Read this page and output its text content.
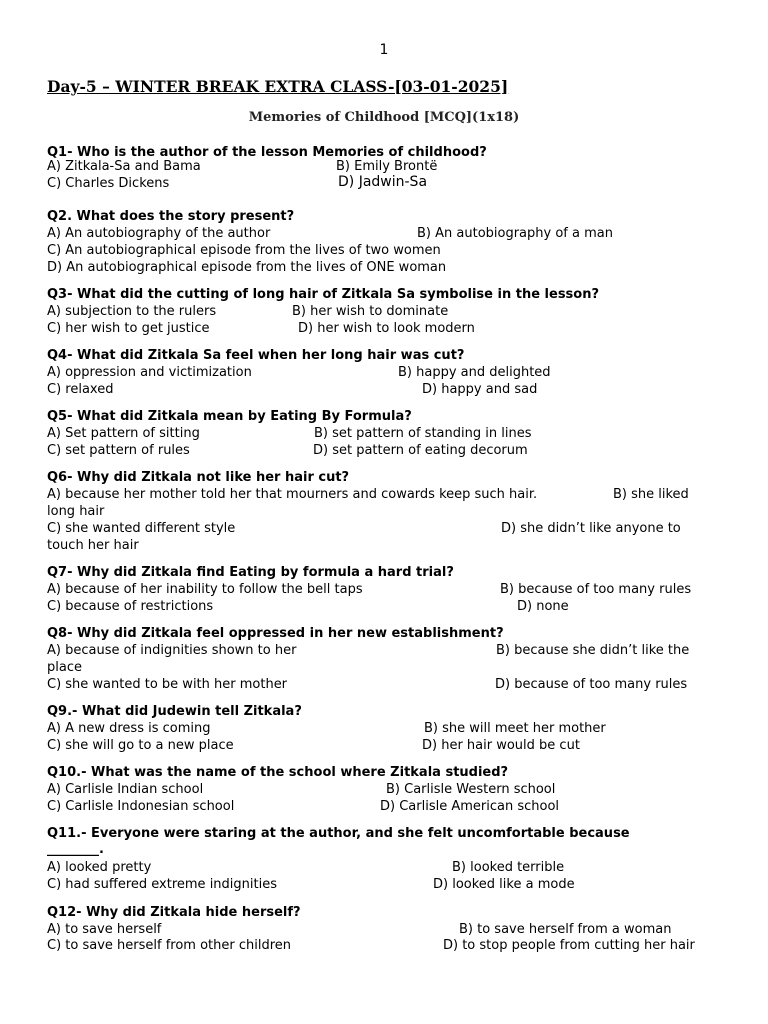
1
Day-5 – WINTER BREAK EXTRA CLASS-[03-01-2025]
Memories of Childhood [MCQ](1x18)
Q1- Who is the author of the lesson Memories of childhood?
A) Zitkala-Sa and Bama	B) Emily Brontë
C) Charles Dickens	D) Jadwin-Sa
Q2. What does the story present?
A) An autobiography of the author	B) An autobiography of a man
C) An autobiographical episode from the lives of two women
D) An autobiographical episode from the lives of ONE woman
Q3- What did the cutting of long hair of Zitkala Sa symbolise in the lesson?
A) subjection to the rulers	B) her wish to dominate
C) her wish to get justice	D) her wish to look modern
Q4- What did Zitkala Sa feel when her long hair was cut?
A) oppression and victimization	B) happy and delighted
C) relaxed	D) happy and sad
Q5- What did Zitkala mean by Eating By Formula?
A) Set pattern of sitting	B) set pattern of standing in lines
C) set pattern of rules	D) set pattern of eating decorum
Q6- Why did Zitkala not like her hair cut?
A) because her mother told her that mourners and cowards keep such hair.	B) she liked
long hair
C) she wanted different style	D) she didn’t like anyone to
touch her hair
Q7- Why did Zitkala find Eating by formula a hard trial?
A) because of her inability to follow the bell taps	B) because of too many rules
C) because of restrictions	D) none
Q8- Why did Zitkala feel oppressed in her new establishment?
A) because of indignities shown to her	B) because she didn’t like the
place
C) she wanted to be with her mother	D) because of too many rules
Q9.- What did Judewin tell Zitkala?
A) A new dress is coming	B) she will meet her mother
C) she will go to a new place	D) her hair would be cut
Q10.- What was the name of the school where Zitkala studied?
A) Carlisle Indian school	B) Carlisle Western school
C) Carlisle Indonesian school	D) Carlisle American school
Q11.- Everyone were staring at the author, and she felt uncomfortable because
________.
A) looked pretty	B) looked terrible
C) had suffered extreme indignities	D) looked like a mode
Q12- Why did Zitkala hide herself?
A) to save herself	B) to save herself from a woman
C) to save herself from other children	D) to stop people from cutting her hair
